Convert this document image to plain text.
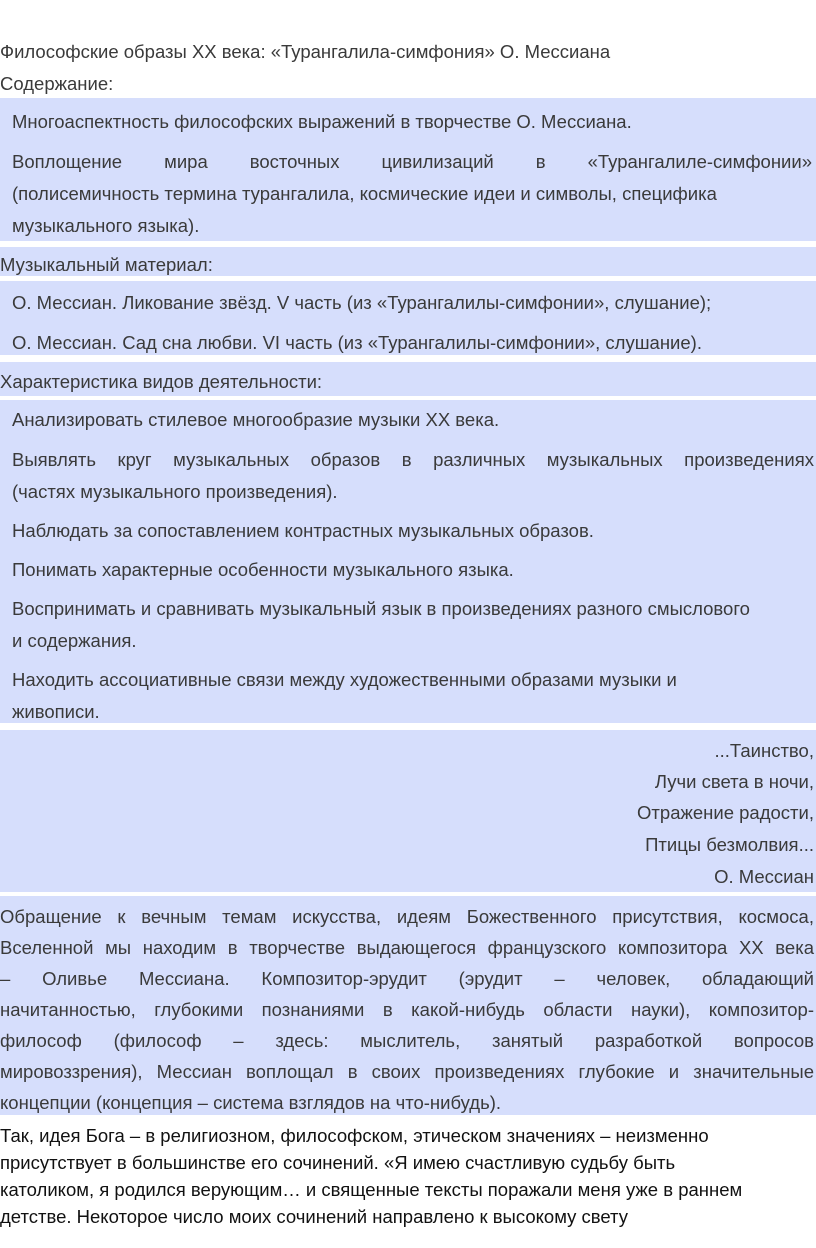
Философские образы XX века: «Турангалила-симфония» О. Мессиана
Содержание:
Многоаспектность философских выражений в творчестве О. Мессиана.
Воплощение мира восточных цивилизаций в «Турангалиле-симфонии»
(полисемичность термина турангалила, космические идеи и символы, специфика
музыкального языка).
Музыкальный материал:
О. Мессиан. Ликование звёзд. V часть (из «Турангалилы-симфонии», слушание);
О. Мессиан. Сад сна любви. VI часть (из «Турангалилы-симфонии», слушание).
Характеристика видов деятельности:
Анализировать стилевое многообразие музыки XX века.
Выявлять круг музыкальных образов в различных музыкальных произведениях
(частях музыкального произведения).
Наблюдать за сопоставлением контрастных музыкальных образов.
Понимать характерные особенности музыкального языка.
Воспринимать и сравнивать музыкальный язык в произведениях разного смыслового
и содержания.
Находить ассоциативные связи между художественными образами музыки и
живописи.
...Таинство,
Лучи света в ночи,
Отражение радости,
Птицы безмолвия...
О. Мессиан
Обращение к вечным темам искусства, идеям Божественного присутствия, космоса,
Вселенной мы находим в творчестве выдающегося французского композитора XX века
– Оливье Мессиана. Композитор-эрудит (эрудит – человек, обладающий
начитанностью, глубокими познаниями в какой-нибудь области науки), композитор-
философ (философ – здесь: мыслитель, занятый разработкой вопросов
мировоззрения), Мессиан воплощал в своих произведениях глубокие и значительные
концепции (концепция – система взглядов на что-нибудь).
Так, идея Бога – в религиозном, философском, этическом значениях – неизменно
присутствует в большинстве его сочинений. «Я имею счастливую судьбу быть
католиком, я родился верующим… и священные тексты поражали меня уже в раннем
детстве. Некоторое число моих сочинений направлено к высокому свету
